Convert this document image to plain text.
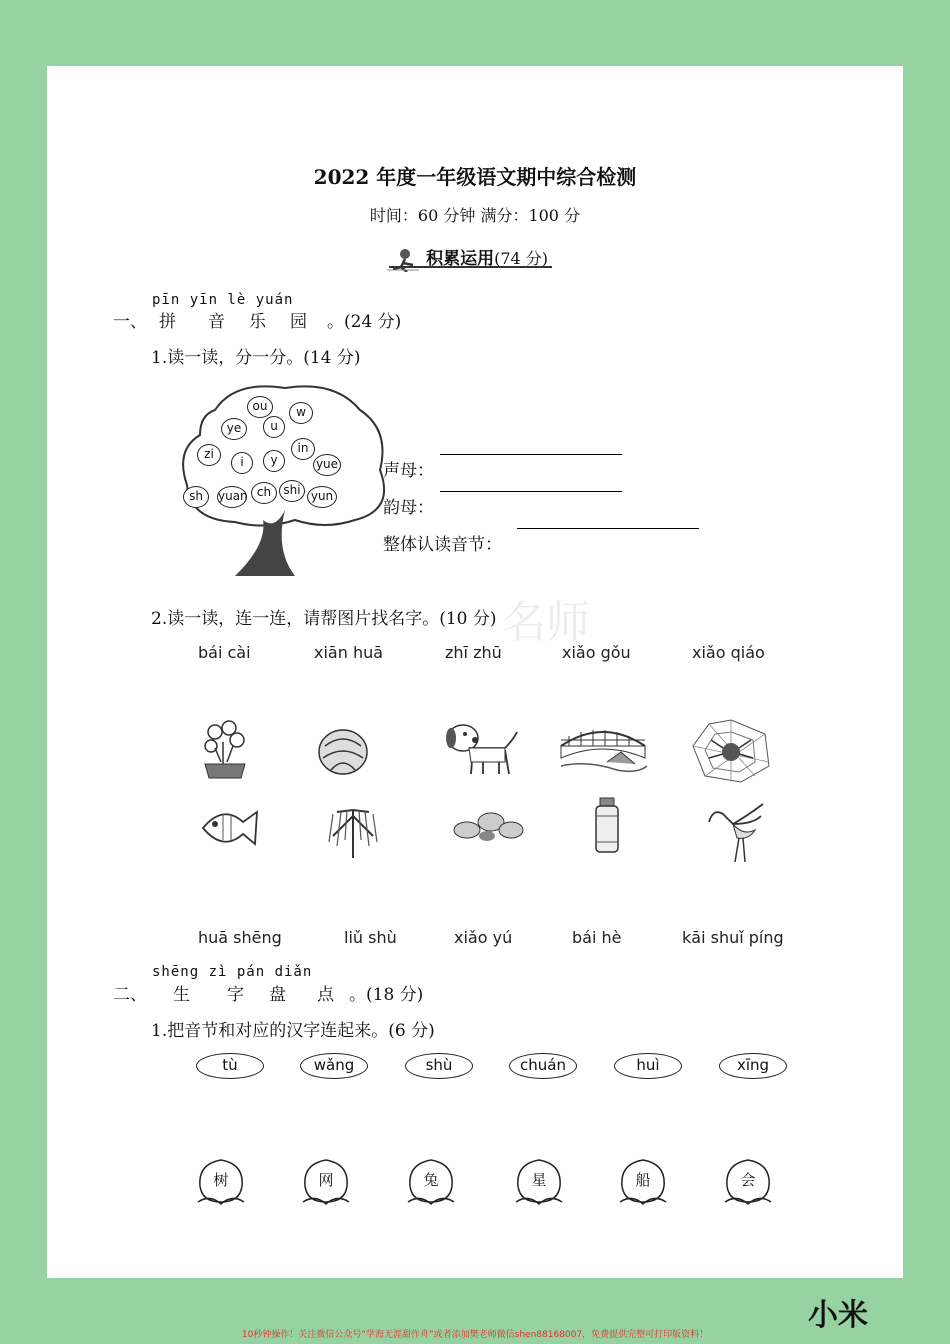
2022 年度一年级语文期中综合检测
时间：60 分钟 满分：100 分
积累运用(74 分)
pīn yīn lè yuán
一、 拼 音 乐 园 。(24 分)
1.读一读，分一分。(14 分)
ou	w
ye	u
in
zi
i	y	yue
sh	yuan ch	shi yun
声母：
韵母：
整体认读音节：
2.读一读，连一连，请帮图片找名字。(10 分) 名师
bái cài	xiān huā	zhī zhū	xiǎo gǒu	xiǎo qiáo
huā shēng	liǔ shù	xiǎo yú	bái hè	kāi shuǐ píng
shēng zì pán diǎn
二、 生 字 盘 点 。(18 分)
1.把音节和对应的汉字连起来。(6 分)
tù	wǎng	shù	chuán	huì	xīng
树	网	兔	星	船	会
小米
10秒钟操作！关注微信公众号“学海无涯甜作舟”或者添加樊老师微信shen88168007，免费提供完整可打印版资料！
